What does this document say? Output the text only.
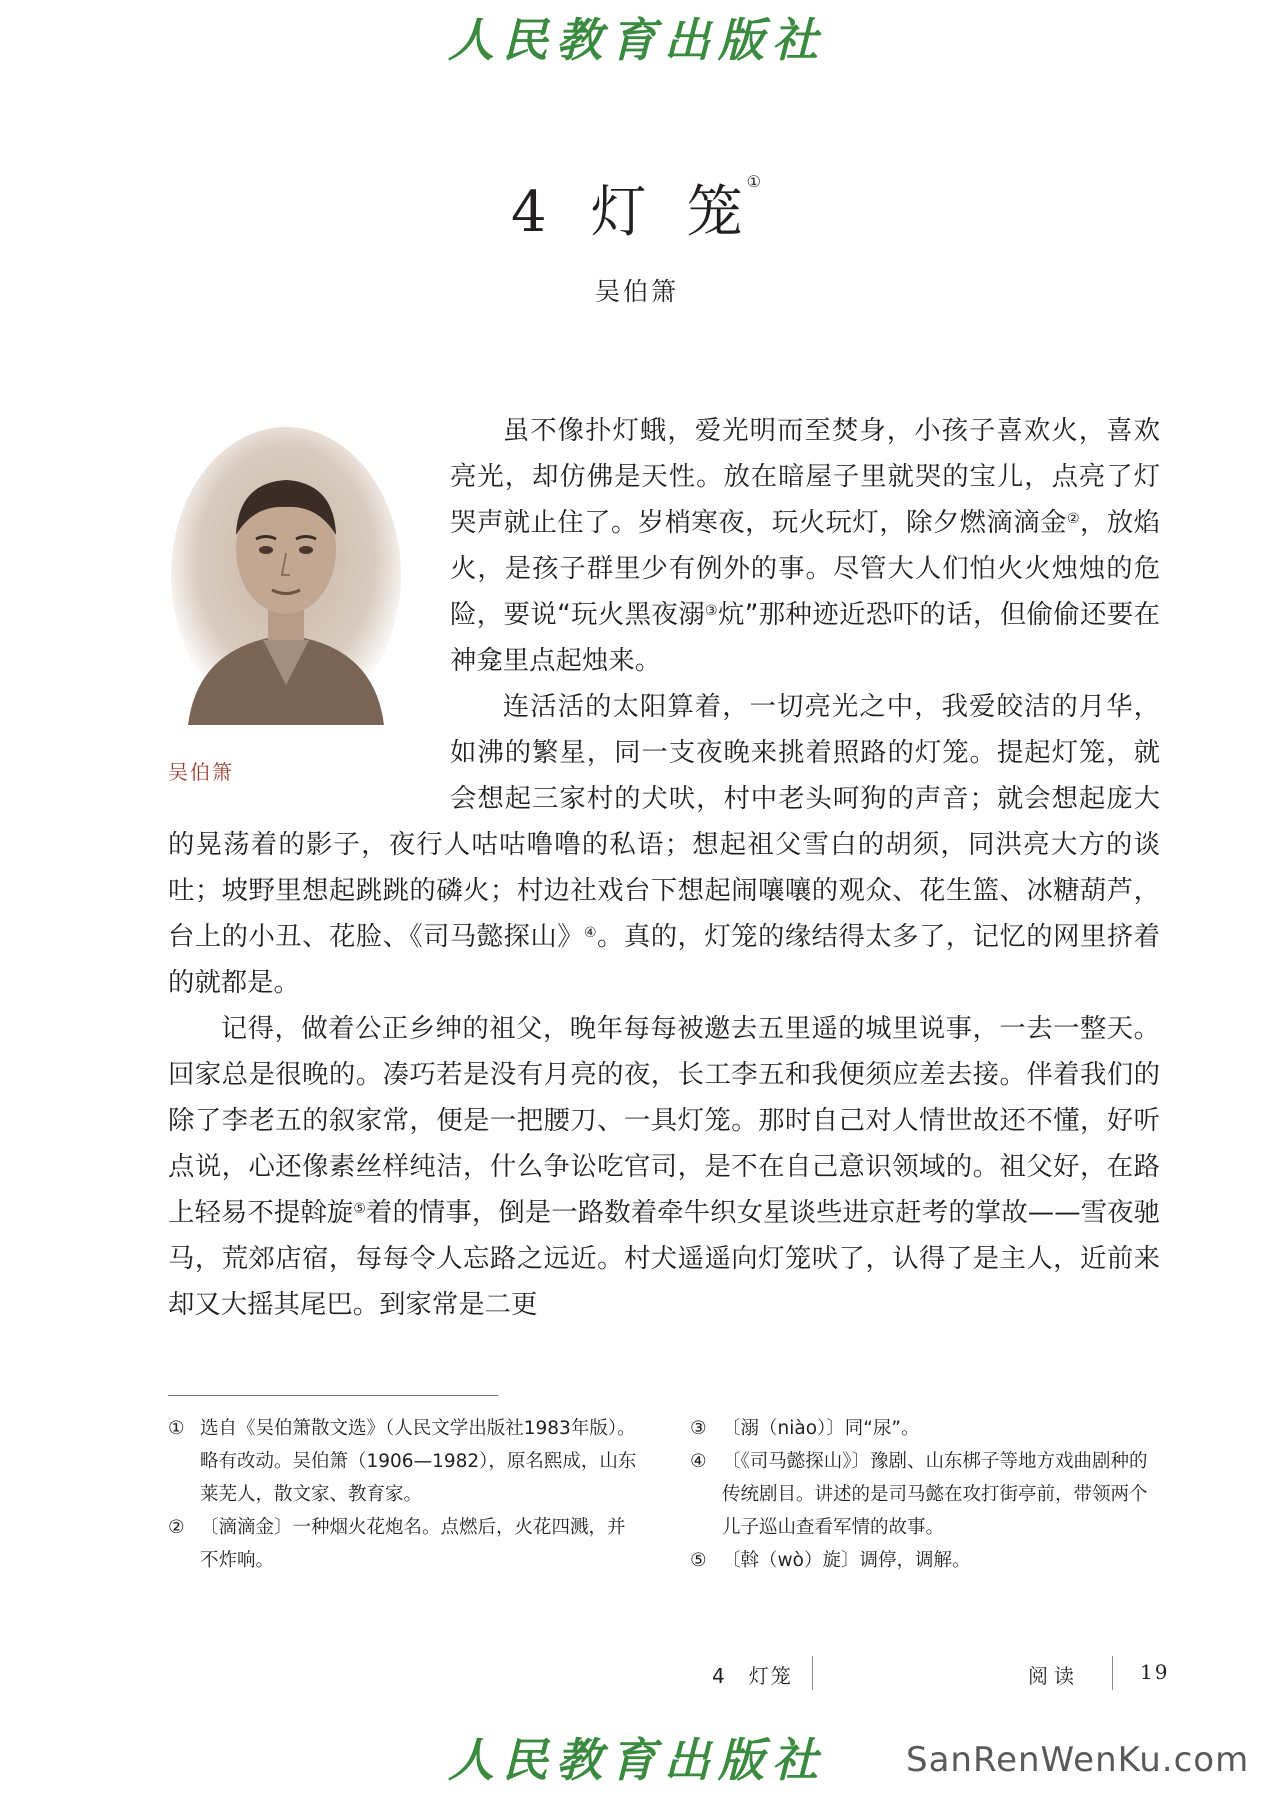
人民教育出版社
4 灯 笼 ①
吴伯箫
吴伯箫

虽不像扑灯蛾，爱光明而至焚身，小孩子喜欢火，喜欢亮光，却仿佛是天性。放在暗屋子里就哭的宝儿，点亮了灯哭声就止住了。岁梢寒夜，玩火玩灯，除夕燃滴滴金②，放焰火，是孩子群里少有例外的事。尽管大人们怕火火烛烛的危险，要说“玩火黑夜溺③炕”那种迹近恐吓的话，但偷偷还要在神龛里点起烛来。

连活活的太阳算着，一切亮光之中，我爱皎洁的月华，如沸的繁星，同一支夜晚来挑着照路的灯笼。提起灯笼，就会想起三家村的犬吠，村中老头呵狗的声音；就会想起庞大的晃荡着的影子，夜行人咕咕噜噜的私语；想起祖父雪白的胡须，同洪亮大方的谈吐；坡野里想起跳跳的磷火；村边社戏台下想起闹嚷嚷的观众、花生篮、冰糖葫芦，台上的小丑、花脸、《司马懿探山》④。真的，灯笼的缘结得太多了，记忆的网里挤着的就都是。

记得，做着公正乡绅的祖父，晚年每每被邀去五里遥的城里说事，一去一整天。回家总是很晚的。凑巧若是没有月亮的夜，长工李五和我便须应差去接。伴着我们的除了李老五的叙家常，便是一把腰刀、一具灯笼。那时自己对人情世故还不懂，好听点说，心还像素丝样纯洁，什么争讼吃官司，是不在自己意识领域的。祖父好，在路上轻易不提斡旋⑤着的情事，倒是一路数着牵牛织女星谈些进京赶考的掌故——雪夜驰马，荒郊店宿，每每令人忘路之远近。村犬遥遥向灯笼吠了，认得了是主人，近前来却又大摇其尾巴。到家常是二更

① 选自《吴伯箫散文选》（人民文学出版社1983年版）。略有改动。吴伯箫（1906—1982），原名熙成，山东莱芜人，散文家、教育家。

② 〔滴滴金〕一种烟火花炮名。点燃后，火花四溅，并不炸响。

③ 〔溺（niào）〕同“尿”。

④ 〔《司马懿探山》〕豫剧、山东梆子等地方戏曲剧种的传统剧目。讲述的是司马懿在攻打街亭前，带领两个儿子巡山查看军情的故事。

⑤ 〔斡（wò）旋〕调停，调解。

4　灯笼	阅读	19
人民教育出版社	SanRenWenKu.com
